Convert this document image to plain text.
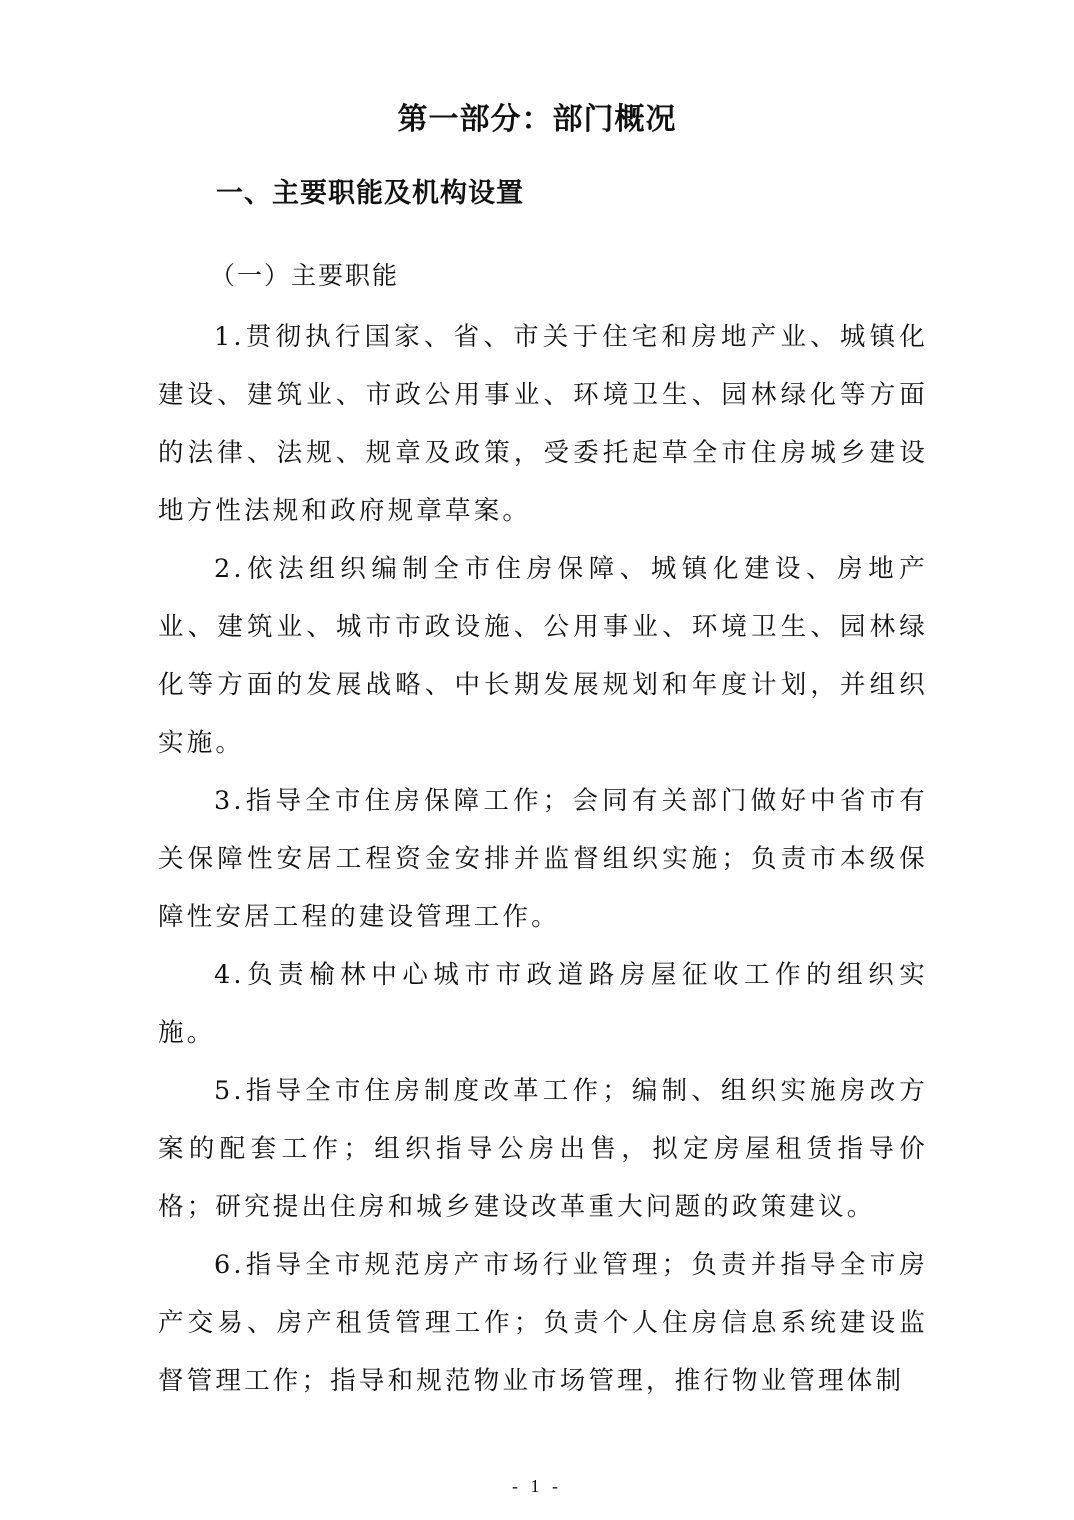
第一部分：部门概况
一、主要职能及机构设置
（一）主要职能

1.贯彻执行国家、省、市关于住宅和房地产业、城镇化建设、建筑业、市政公用事业、环境卫生、园林绿化等方面的法律、法规、规章及政策，受委托起草全市住房城乡建设地方性法规和政府规章草案。

2.依法组织编制全市住房保障、城镇化建设、房地产业、建筑业、城市市政设施、公用事业、环境卫生、园林绿化等方面的发展战略、中长期发展规划和年度计划，并组织实施。

3.指导全市住房保障工作；会同有关部门做好中省市有关保障性安居工程资金安排并监督组织实施；负责市本级保障性安居工程的建设管理工作。

4.负责榆林中心城市市政道路房屋征收工作的组织实施。

5.指导全市住房制度改革工作；编制、组织实施房改方案的配套工作；组织指导公房出售，拟定房屋租赁指导价格；研究提出住房和城乡建设改革重大问题的政策建议。

6.指导全市规范房产市场行业管理；负责并指导全市房产交易、房产租赁管理工作；负责个人住房信息系统建设监督管理工作；指导和规范物业市场管理，推行物业管理体制

- 1 -
